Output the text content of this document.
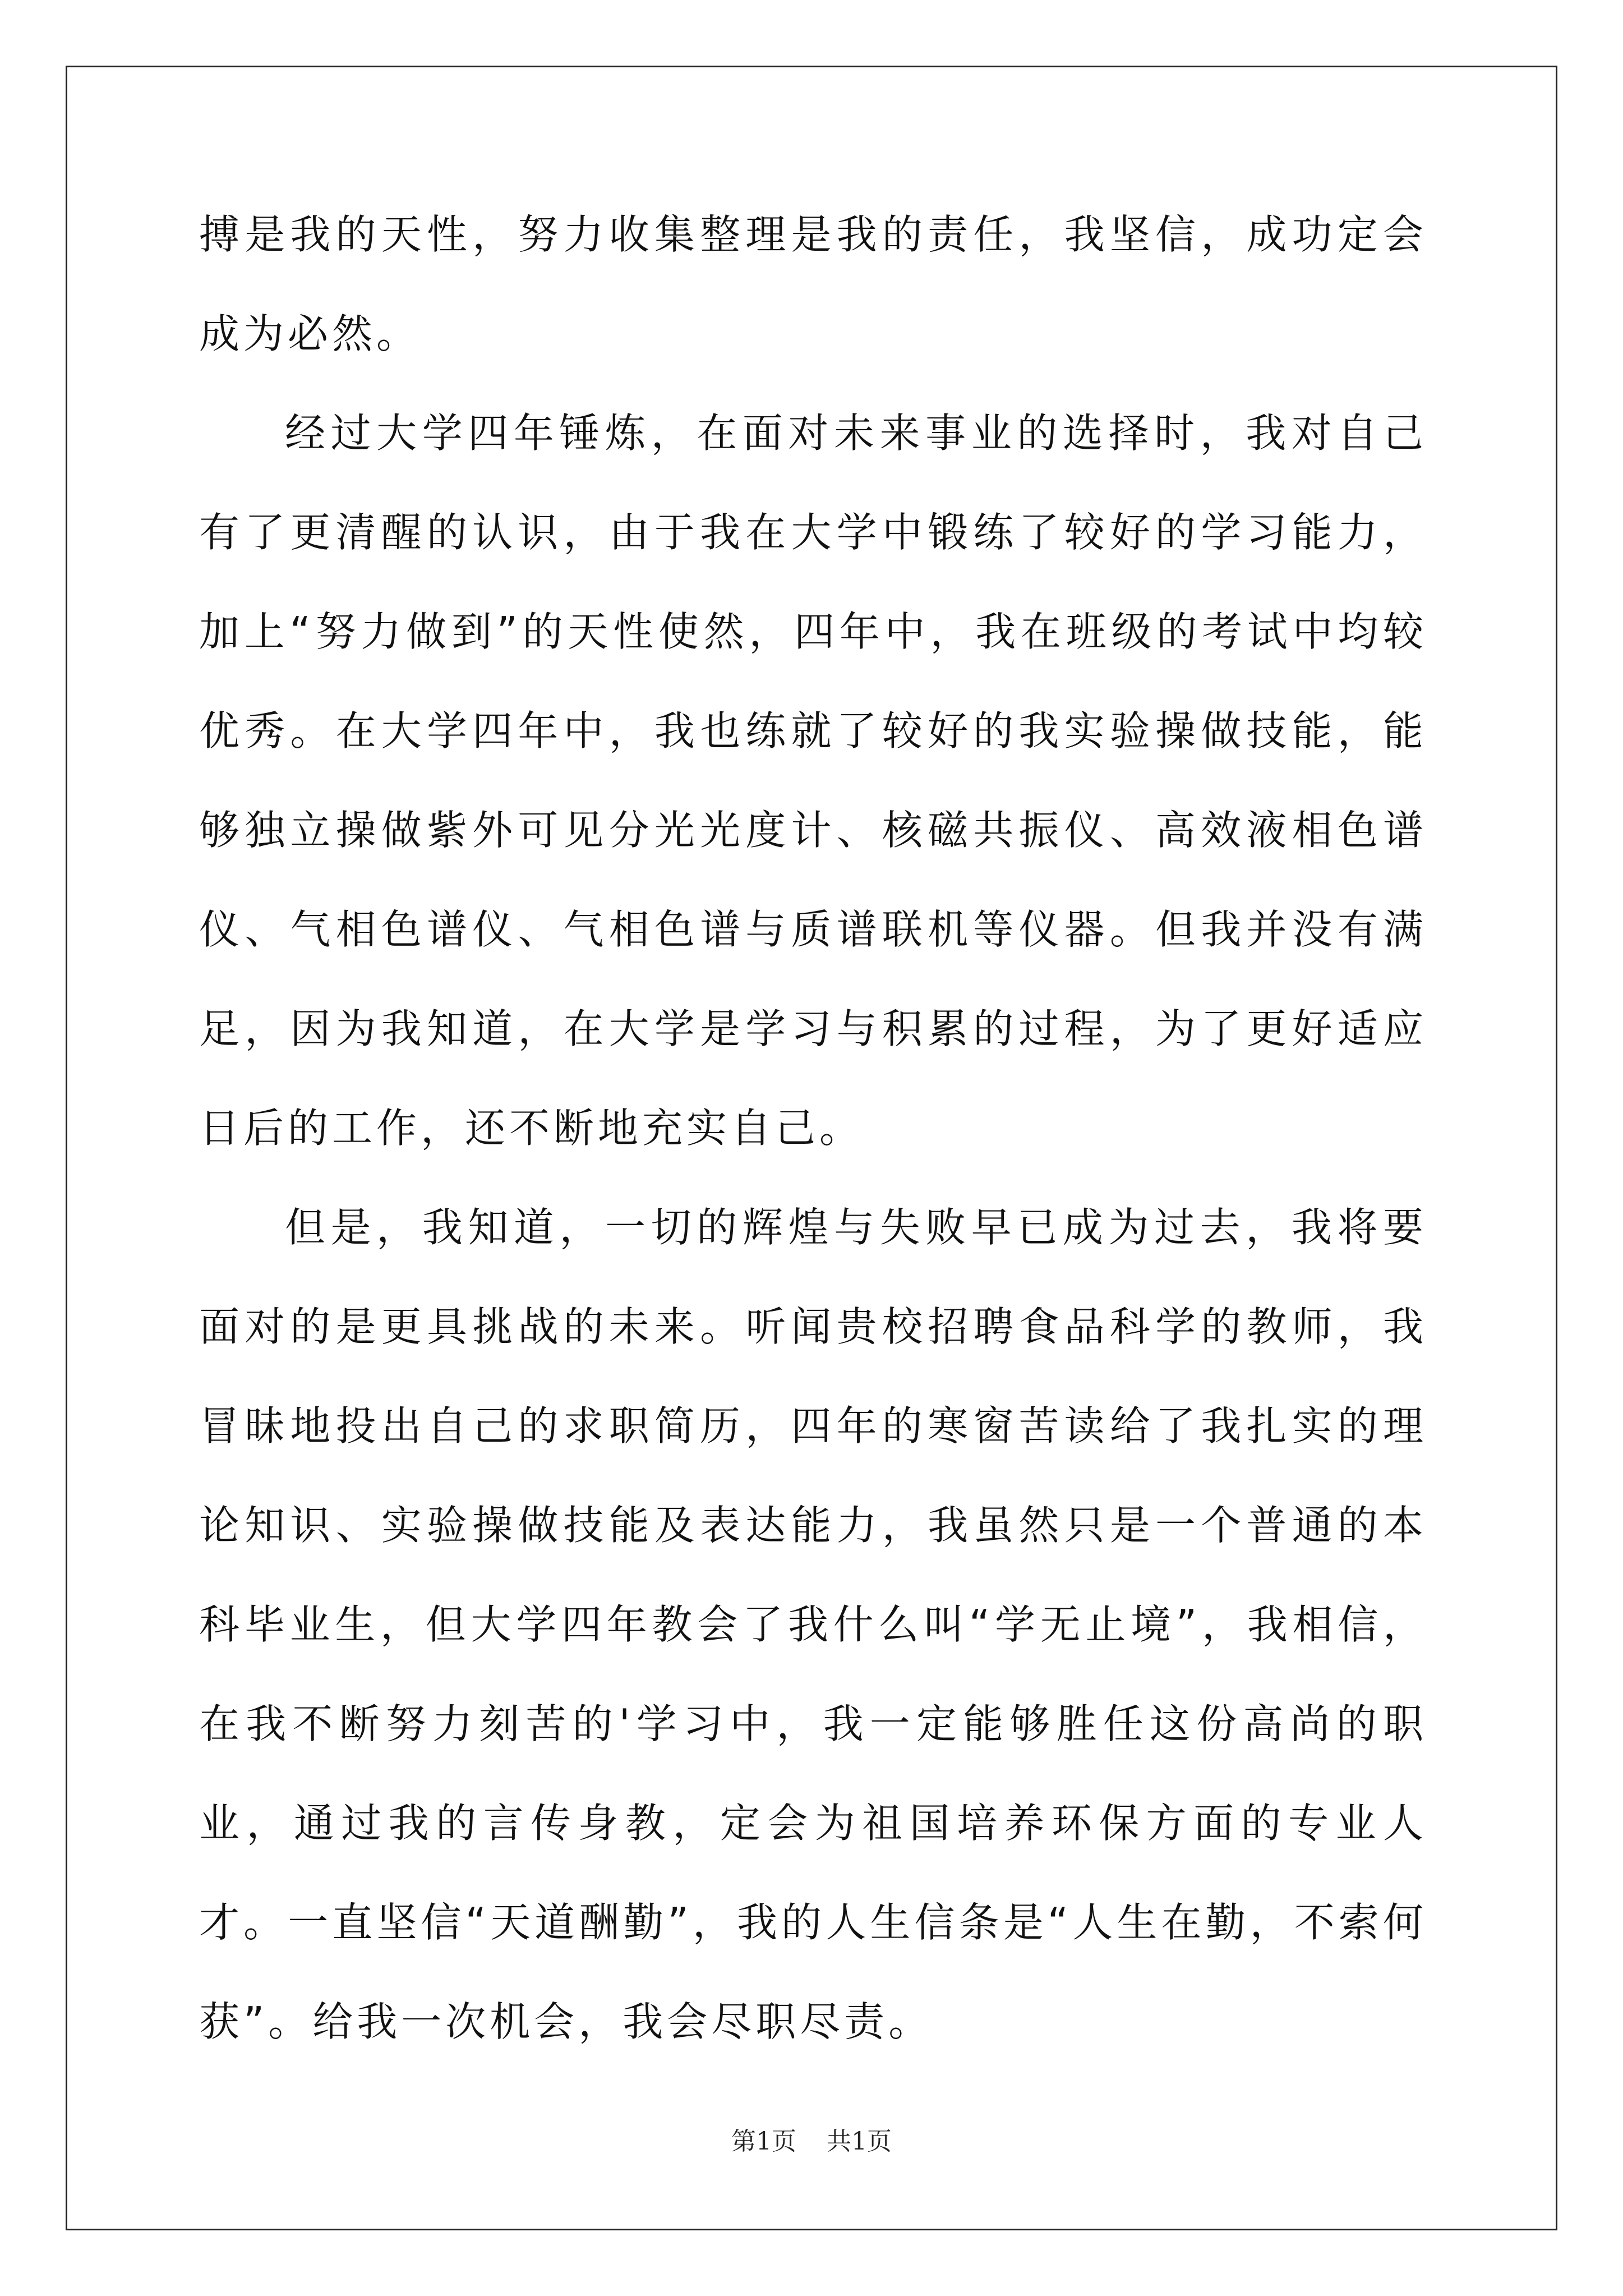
搏是我的天性，努力收集整理是我的责任，我坚信，成功定会成为必然。

经过大学四年锤炼，在面对未来事业的选择时，我对自己有了更清醒的认识，由于我在大学中锻练了较好的学习能力，加上“努力做到”的天性使然，四年中，我在班级的考试中均较优秀。在大学四年中，我也练就了较好的我实验操做技能，能够独立操做紫外可见分光光度计、核磁共振仪、高效液相色谱仪、气相色谱仪、气相色谱与质谱联机等仪器。但我并没有满足，因为我知道，在大学是学习与积累的过程，为了更好适应日后的工作，还不断地充实自己。

但是，我知道，一切的辉煌与失败早已成为过去，我将要面对的是更具挑战的未来。听闻贵校招聘食品科学的教师，我冒昧地投出自己的求职简历，四年的寒窗苦读给了我扎实的理论知识、实验操做技能及表达能力，我虽然只是一个普通的本科毕业生，但大学四年教会了我什么叫“学无止境”，我相信，在我不断努力刻苦的'学习中，我一定能够胜任这份高尚的职业，通过我的言传身教，定会为祖国培养环保方面的专业人才。一直坚信“天道酬勤”，我的人生信条是“人生在勤，不索何获”。给我一次机会，我会尽职尽责。

第1页 共1页
